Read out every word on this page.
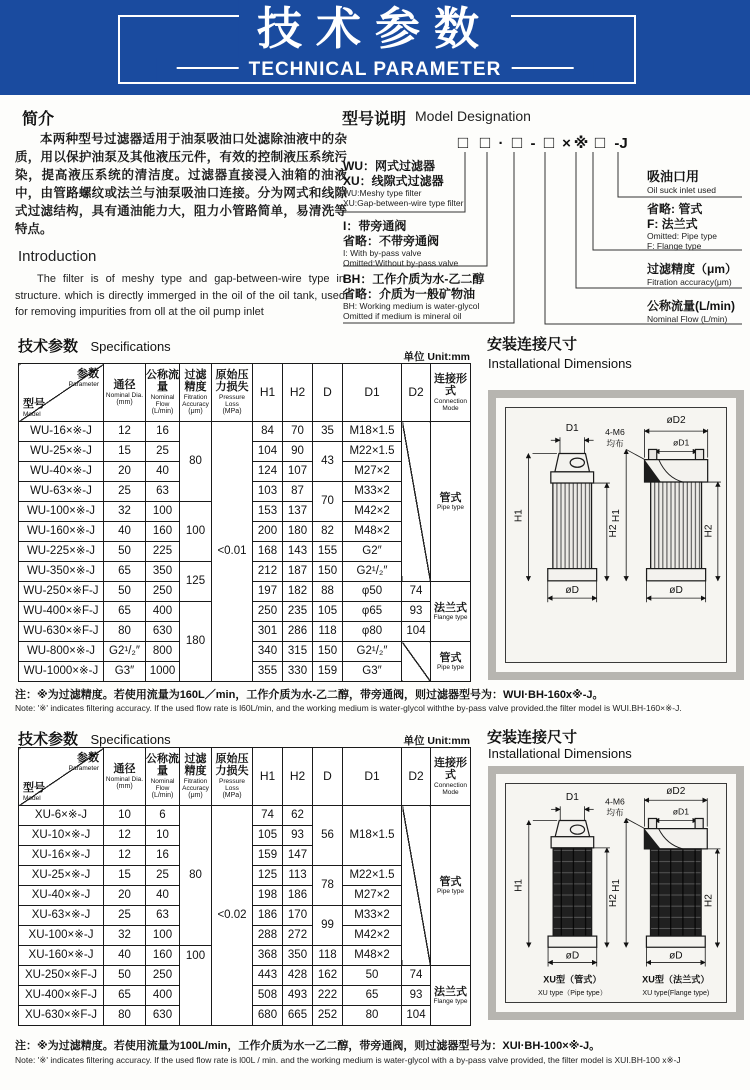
技术参数
TECHNICAL PARAMETER
简介
本两种型号过滤器适用于油泵吸油口处滤除油液中的杂质，用以保护油泵及其他液压元件，有效的控制液压系统污染，提高液压系统的清洁度。过滤器直接浸入油箱的油液中，由管路螺纹或法兰与油泵吸油口连接。分为网式和线隙式过滤结构，具有通油能力大，阻力小管路简单，易清洗等特点。
Introduction
The filter is of meshy type and gap-between-wire type in structure. which is directly immerged in the oil of the oil tank, used for removing impurities from oll at the oil pump inlet
型号说明 Model Designation
□ □ · □ - □ × ※ □ -J
WU：网式过滤器
XU：线隙式过滤器
WU:Meshy type filter
XU:Gap-between-wire type filter
I：带旁通阀
省略：不带旁通阀
I: With by-pass valve
Omitted:Without by-pass valve
BH：工作介质为水-乙二醇
省略：介质为一般矿物油
BH: Working medium is water-glycol
Omitted if medium is mineral oil
吸油口用
Oil suck inlet used
省略: 管式
F: 法兰式
Omitted: Pipe type
F: Flange type
过滤精度（μm）
Fitration accuracy(μm)
公称流量(L/min)
Nominal Flow (L/min)
技术参数 Specifications
单位 Unit:mm
安装连接尺寸
Installational Dimensions
参数
Parameter
型号
Model

通径
Nominal Dia.
(mm)

公称流量
Nominal Flow
(L/min)

过滤精度
Fitration Accuracy
(μm)

原始压力损失
Pressure Loss
(MPa)

H1	H2	D	D1	D2

连接形式
Connection Mode

WU-16×※-J	12	16	80	<0.01	84	70	35	M18×1.5		管式
Pipe type

WU-25×※-J	15	25			104	90	43	M22×1.5		
WU-40×※-J	20	40			124	107		M27×2		
WU-63×※-J	25	63			103	87	70	M33×2		
WU-100×※-J	32	100	100		153	137		M42×2		
WU-160×※-J	40	160			200	180	82	M48×2		
WU-225×※-J	50	225			168	143	155	G2″		
WU-350×※-J	65	350	125		212	187	150	G2¹/₂″		
WU-250×※F-J	50	250			197	182	88	φ50	74	法兰式
Flange type

WU-400×※F-J	65	400	180		250	235	105	φ65	93	
WU-630×※F-J	80	630			301	286	118	φ80	104	
WU-800×※-J	G2¹/₂″	800			340	315	150	G2¹/₂″		管式
Pipe type

WU-1000×※-J	G3″	1000			355	330	159	G3″		
注：※为过滤精度。若使用流量为160L／min，工作介质为水-乙二醇，带旁通阀，则过滤器型号为：WUI·BH-160x※-J。
Note: '※' indicates filtering accuracy. If the used flow rate is l60L/min, and the working medium is water-glycol withthe by-pass valve provided.the filter model is WUI.BH-160×※-J.
技术参数 Specifications	单位 Unit:mm 安装连接尺寸
Installational Dimensions
参数
Parameter
型号
Model

通径
Nominal Dia.
(mm)

公称流量
Nominal Flow
(L/min)

过滤精度
Fitration Accuracy
(μm)

原始压力损失
Pressure Loss
(MPa)

H1	H2	D	D1	D2

连接形式
Connection Mode

XU-6×※-J	10	6	80	<0.02	74	62	56	M18×1.5		管式
Pipe type

XU-10×※-J	12	10			105	93				
XU-16×※-J	12	16			159	147				
XU-25×※-J	15	25			125	113	78	M22×1.5		
XU-40×※-J	20	40			198	186		M27×2		
XU-63×※-J	25	63			186	170	99	M33×2		
XU-100×※-J	32	100			288	272		M42×2		
XU-160×※-J	40	160	100		368	350	118	M48×2		
XU-250×※F-J	50	250			443	428	162	50	74	法兰式
Flange type

XU-400×※F-J	65	400			508	493	222	65	93	
XU-630×※F-J	80	630			680	665	252	80	104	
注：※为过滤精度。若使用流量为100L/min，工作介质为水一乙二醇，带旁通阀，则过滤器型号为：XUI·BH-100×※-J。
Note: '※' indicates filtering accuracy. If the used flow rate is l00L / min. and the working medium is water-glycol with a by-pass valve provided, the filter model is XUI.BH-100 x※-J
D1
H1
H2
øD
øD2
øD1
4-M6
均布
H1
H2
øD
D1
H1
H2
øD
XU型（管式）
XU type（Pipe type）
øD2
øD1
4-M6
均布
H1
H2
øD
XU型（法兰式）
XU type(Flange type)
